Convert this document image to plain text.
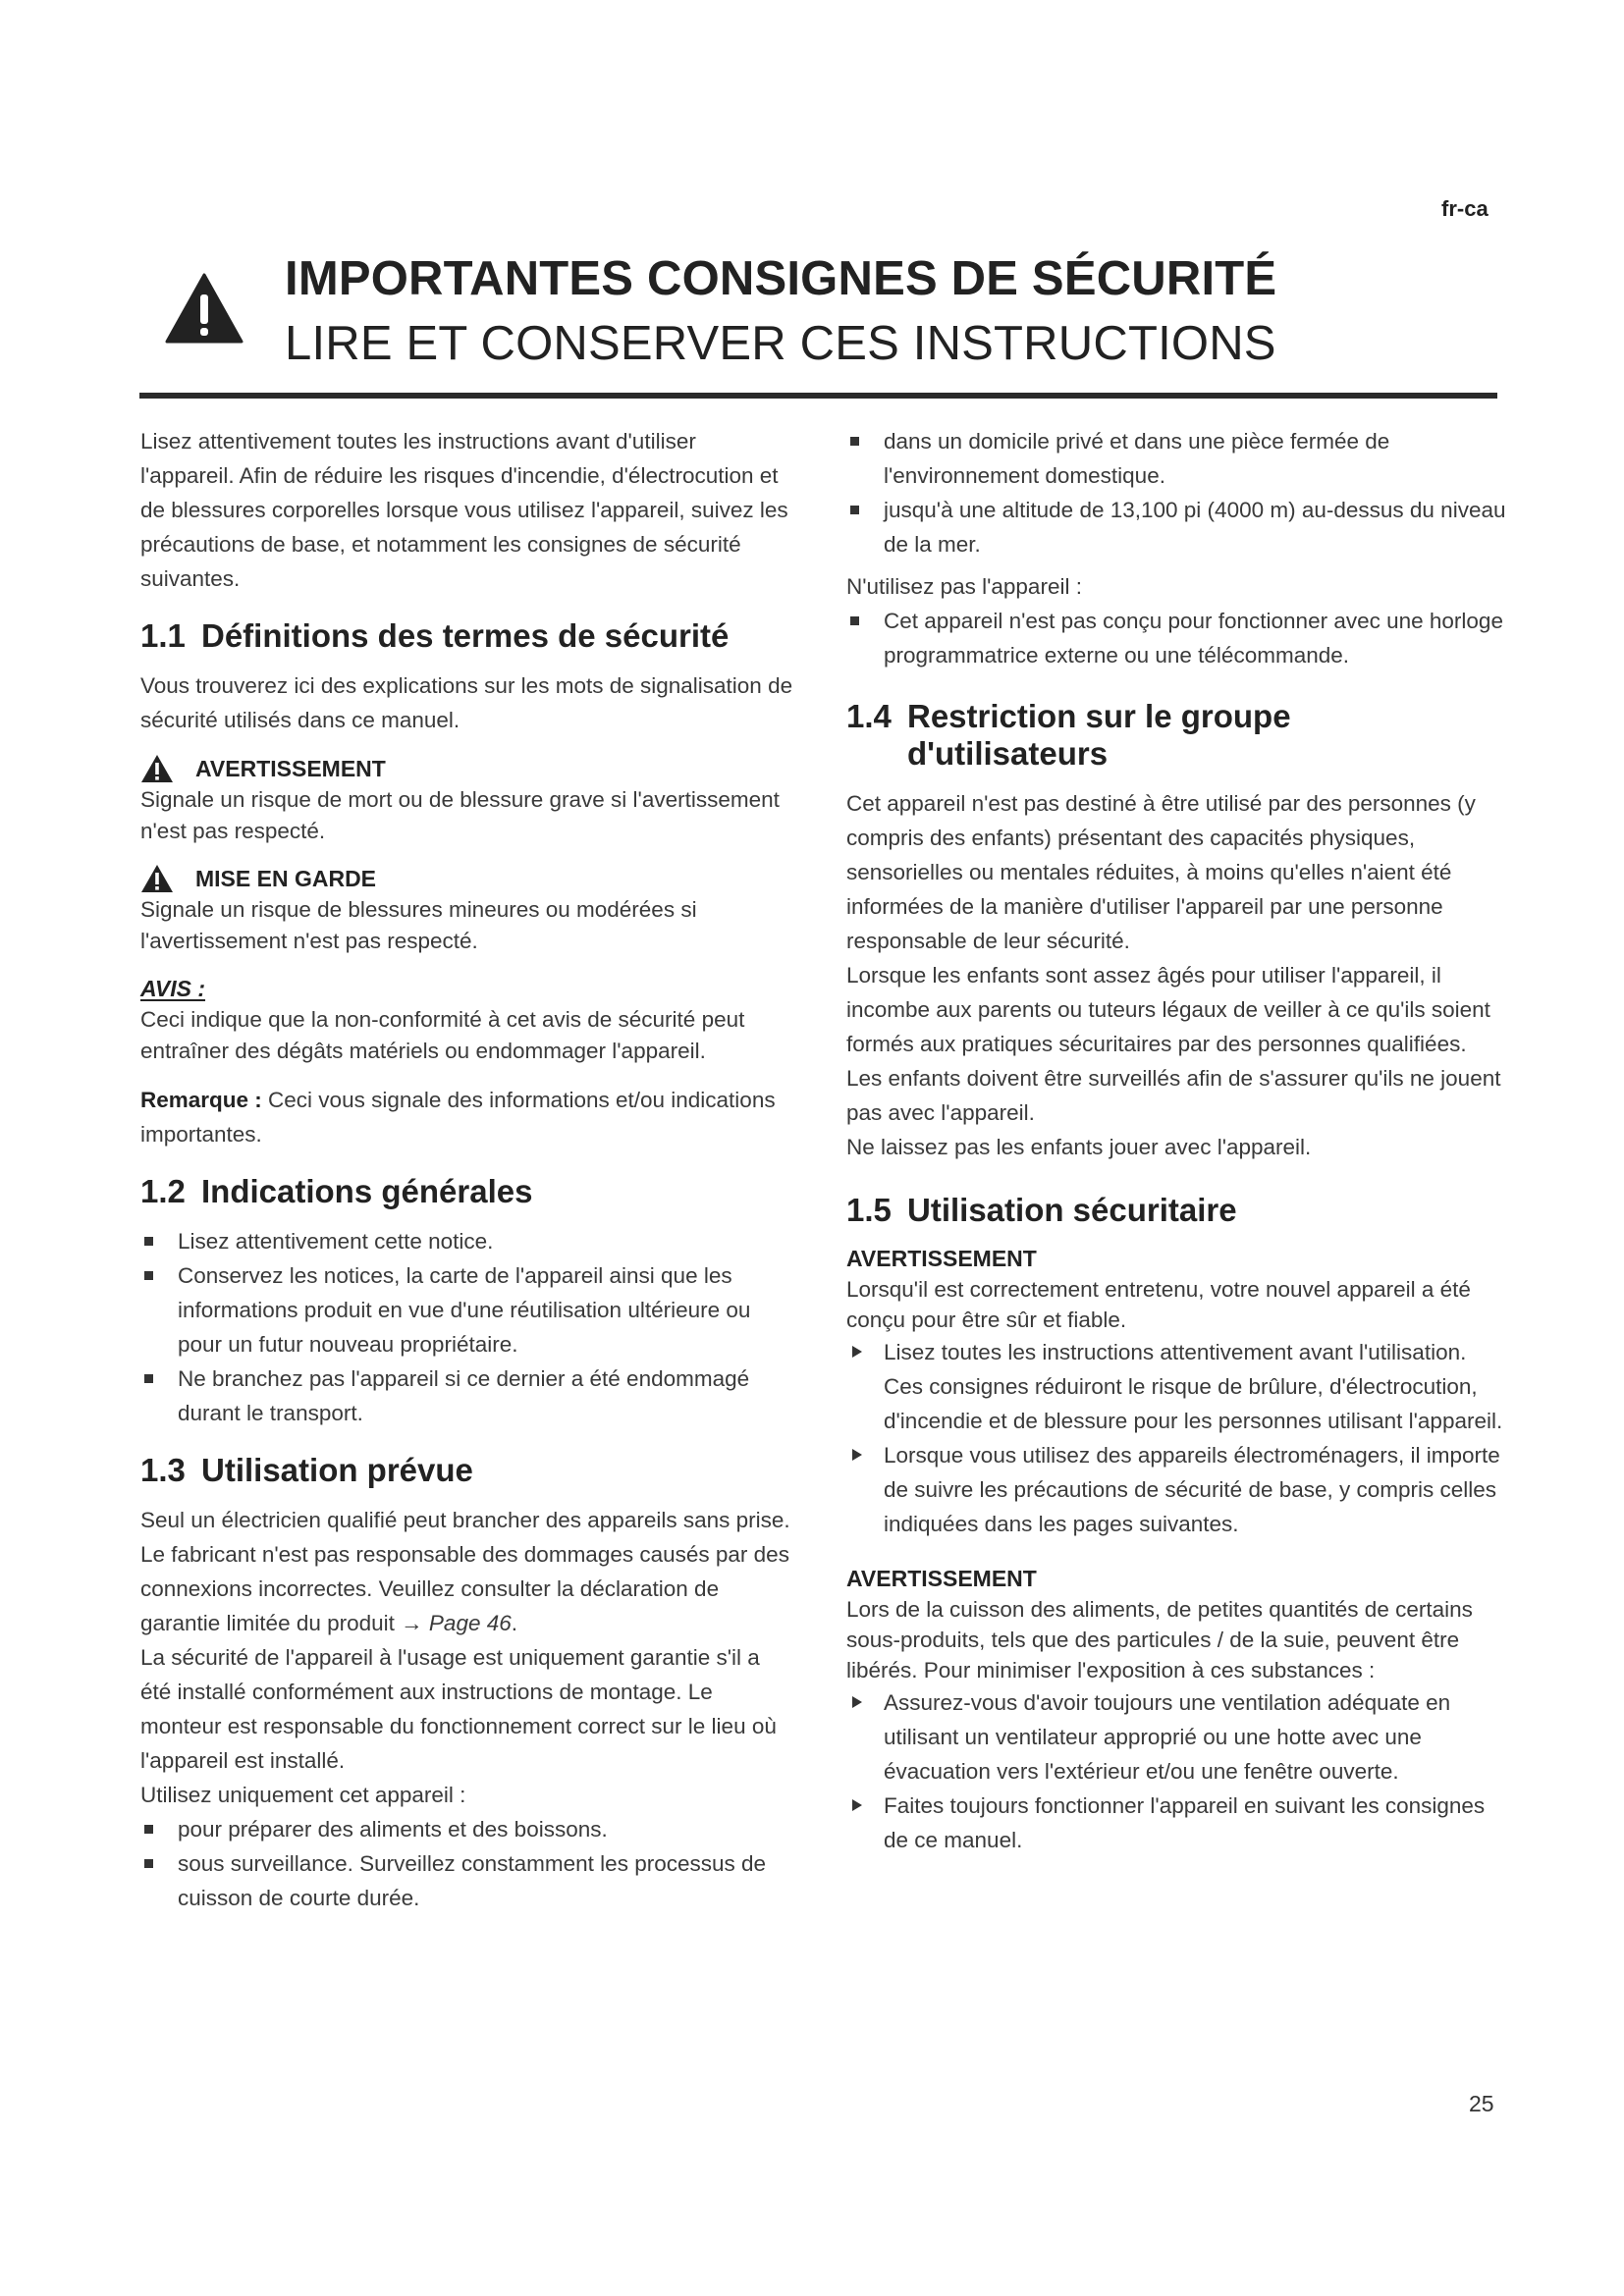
fr-ca
IMPORTANTES CONSIGNES DE SÉCURITÉ
LIRE ET CONSERVER CES INSTRUCTIONS

Lisez attentivement toutes les instructions avant d'utiliser l'appareil. Afin de réduire les risques d'incendie, d'électrocution et de blessures corporelles lorsque vous utilisez l'appareil, suivez les précautions de base, et notamment les consignes de sécurité suivantes.

1.1 Définitions des termes de sécurité

Vous trouverez ici des explications sur les mots de signalisation de sécurité utilisés dans ce manuel.

AVERTISSEMENT

Signale un risque de mort ou de blessure grave si l'avertissement n'est pas respecté.

MISE EN GARDE

Signale un risque de blessures mineures ou modérées si l'avertissement n'est pas respecté.

AVIS :

Ceci indique que la non-conformité à cet avis de sécurité peut entraîner des dégâts matériels ou endommager l'appareil.

Remarque : Ceci vous signale des informations et/ou indications importantes.

1.2 Indications générales
Lisez attentivement cette notice.
Conservez les notices, la carte de l'appareil ainsi que les informations produit en vue d'une réutilisation ultérieure ou pour un futur nouveau propriétaire.
Ne branchez pas l'appareil si ce dernier a été endommagé durant le transport.
1.3 Utilisation prévue

Seul un électricien qualifié peut brancher des appareils sans prise. Le fabricant n'est pas responsable des dommages causés par des connexions incorrectes. Veuillez consulter la déclaration de garantie limitée du produit → Page 46.

La sécurité de l'appareil à l'usage est uniquement garantie s'il a été installé conformément aux instructions de montage. Le monteur est responsable du fonctionnement correct sur le lieu où l'appareil est installé.

Utilisez uniquement cet appareil :

pour préparer des aliments et des boissons.
sous surveillance. Surveillez constamment les processus de cuisson de courte durée.
dans un domicile privé et dans une pièce fermée de l'environnement domestique.
jusqu'à une altitude de 13,100 pi (4000 m) au-dessus du niveau de la mer.

N'utilisez pas l'appareil :

Cet appareil n'est pas conçu pour fonctionner avec une horloge programmatrice externe ou une télécommande.
1.4 Restriction sur le groupe
d'utilisateurs

Cet appareil n'est pas destiné à être utilisé par des personnes (y compris des enfants) présentant des capacités physiques, sensorielles ou mentales réduites, à moins qu'elles n'aient été informées de la manière d'utiliser l'appareil par une personne responsable de leur sécurité.

Lorsque les enfants sont assez âgés pour utiliser l'appareil, il incombe aux parents ou tuteurs légaux de veiller à ce qu'ils soient formés aux pratiques sécuritaires par des personnes qualifiées.

Les enfants doivent être surveillés afin de s'assurer qu'ils ne jouent pas avec l'appareil.

Ne laissez pas les enfants jouer avec l'appareil.

1.5 Utilisation sécuritaire
AVERTISSEMENT

Lorsqu'il est correctement entretenu, votre nouvel appareil a été conçu pour être sûr et fiable.

Lisez toutes les instructions attentivement avant l'utilisation. Ces consignes réduiront le risque de brûlure, d'électrocution, d'incendie et de blessure pour les personnes utilisant l'appareil.
Lorsque vous utilisez des appareils électroménagers, il importe de suivre les précautions de sécurité de base, y compris celles indiquées dans les pages suivantes.
AVERTISSEMENT

Lors de la cuisson des aliments, de petites quantités de certains sous-produits, tels que des particules / de la suie, peuvent être libérés. Pour minimiser l'exposition à ces substances :

Assurez-vous d'avoir toujours une ventilation adéquate en utilisant un ventilateur approprié ou une hotte avec une évacuation vers l'extérieur et/ou une fenêtre ouverte.
Faites toujours fonctionner l'appareil en suivant les consignes de ce manuel.
25
